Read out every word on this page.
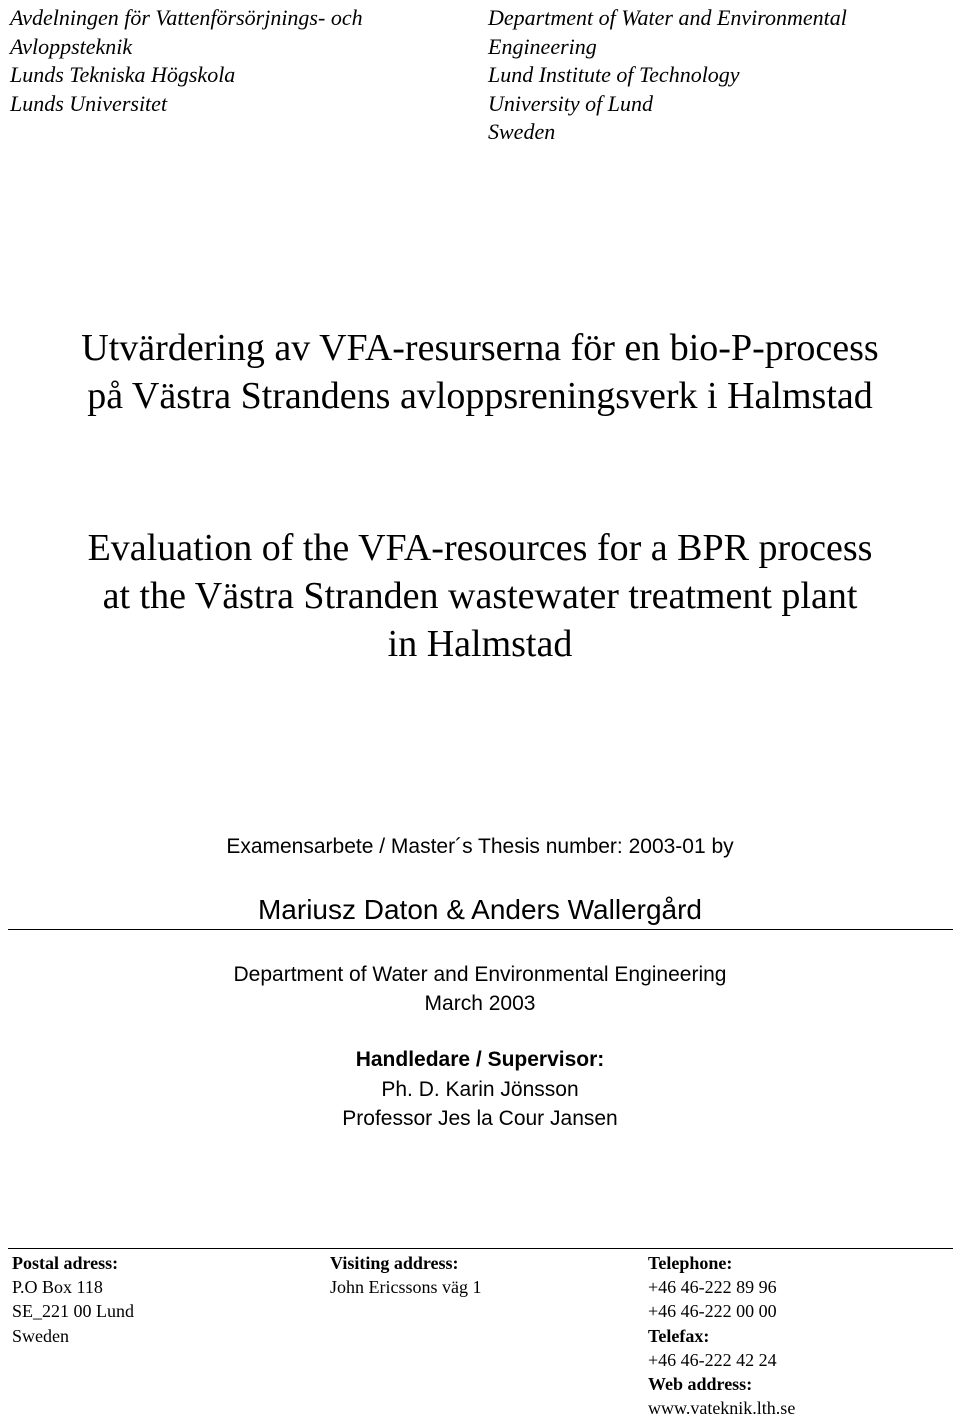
Avdelningen för Vattenförsörjnings- och
Avloppsteknik
Lunds Tekniska Högskola
Lunds Universitet
Department of Water and Environmental
Engineering
Lund Institute of Technology
University of Lund
Sweden
Utvärdering av VFA-resurserna för en bio-P-process
på Västra Strandens avloppsreningsverk i Halmstad
Evaluation of the VFA-resources for a BPR process
at the Västra Stranden wastewater treatment plant
in Halmstad
Examensarbete / Master´s Thesis number: 2003-01 by
Mariusz Daton & Anders Wallergård
Department of Water and Environmental Engineering
March 2003
Handledare / Supervisor:
Ph. D. Karin Jönsson
Professor Jes la Cour Jansen
Postal adress:
P.O Box 118
SE_221 00 Lund
Sweden
Visiting address:
John Ericssons väg 1
Telephone:
+46 46-222 89 96
+46 46-222 00 00
Telefax:
+46 46-222 42 24
Web address:
www.vateknik.lth.se
